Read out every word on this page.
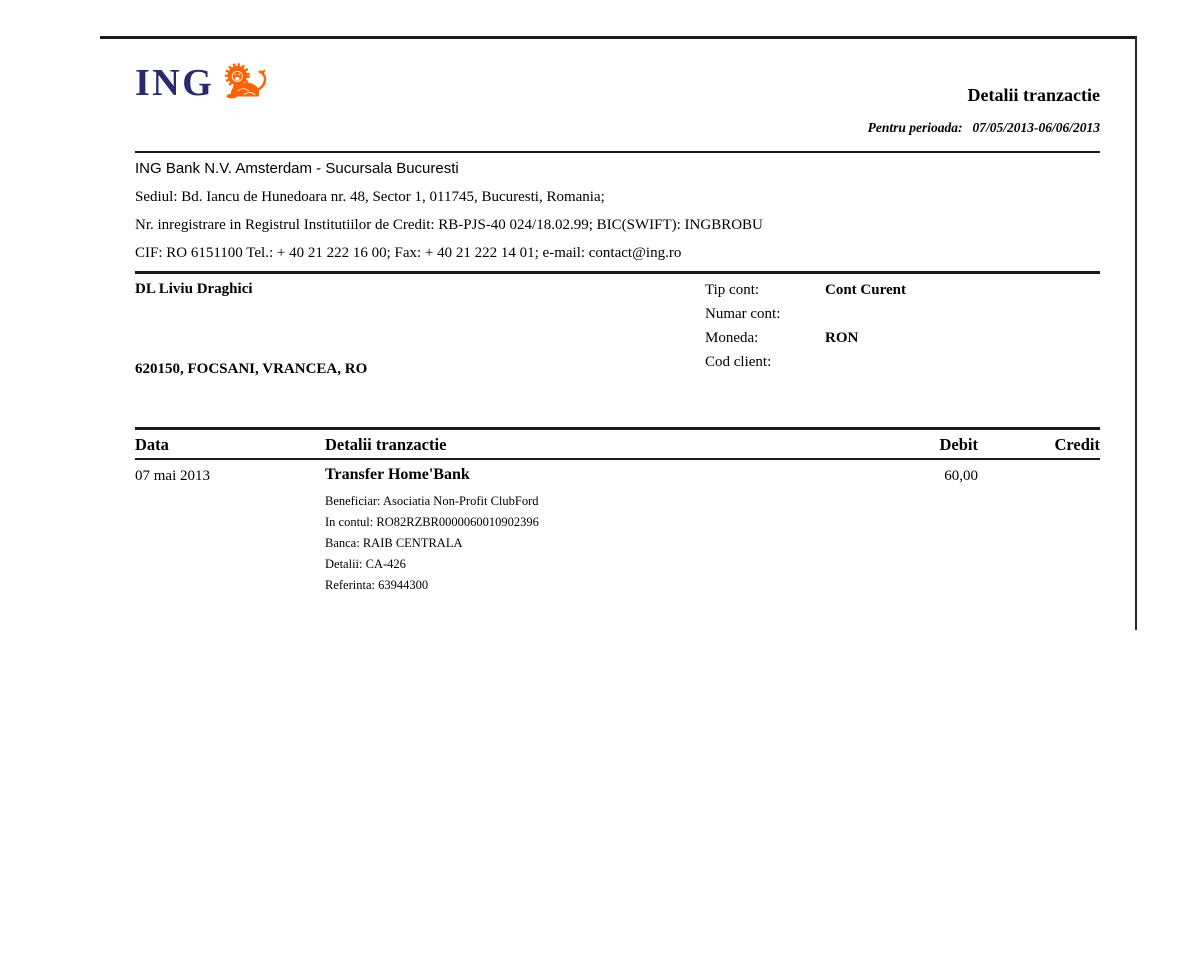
ING	Detalii tranzactie
Pentru perioada: 07/05/2013-06/06/2013
ING Bank N.V. Amsterdam - Sucursala Bucuresti
Sediul: Bd. Iancu de Hunedoara nr. 48, Sector 1, 011745, Bucuresti, Romania;
Nr. inregistrare in Registrul Institutiilor de Credit: RB-PJS-40 024/18.02.99; BIC(SWIFT): INGBROBU
CIF: RO 6151100 Tel.: + 40 21 222 16 00; Fax: + 40 21 222 14 01; e-mail: contact@ing.ro
DL Liviu Draghici
620150, FOCSANI, VRANCEA, RO
Tip cont:	Cont Curent
Numar cont:
Moneda:	RON
Cod client:
Data	Detalii tranzactie	Debit	Credit
07 mai 2013	Transfer Home'Bank	60,00
Beneficiar: Asociatia Non-Profit ClubFord
In contul: RO82RZBR0000060010902396
Banca: RAIB CENTRALA
Detalii: CA-426
Referinta: 63944300
